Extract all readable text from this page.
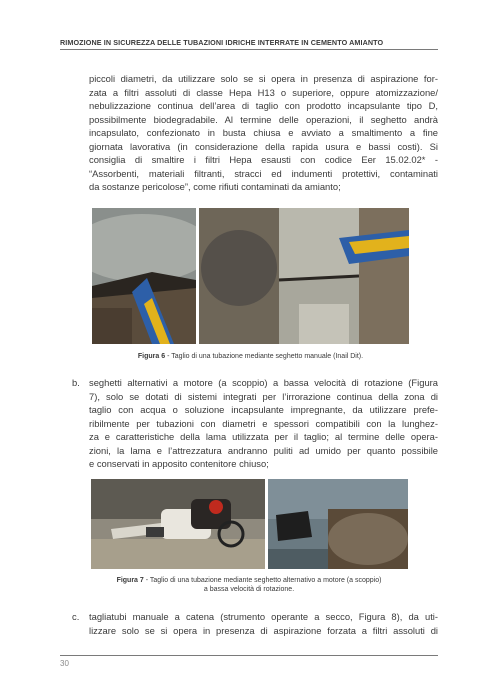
RIMOZIONE IN SICUREZZA DELLE TUBAZIONI IDRICHE INTERRATE IN CEMENTO AMIANTO
piccoli diametri, da utilizzare solo se si opera in presenza di aspirazione for-
zata a filtri assoluti di classe Hepa H13 o superiore, oppure atomizzazione/
nebulizzazione continua dell’area di taglio con prodotto incapsulante tipo D,
possibilmente biodegradabile. Al termine delle operazioni, il seghetto andrà
incapsulato, confezionato in busta chiusa e avviato a smaltimento a fine
giornata lavorativa (in considerazione della rapida usura e bassi costi). Si
consiglia di smaltire i filtri Hepa esausti con codice Eer 15.02.02* -
“Assorbenti, materiali filtranti, stracci ed indumenti protettivi, contaminati
da sostanze pericolose”, come rifiuti contaminati da amianto;
Figura 6 - Taglio di una tubazione mediante seghetto manuale (Inail Dit).
b. seghetti alternativi a motore (a scoppio) a bassa velocità di rotazione (Figura
7), solo se dotati di sistemi integrati per l’irrorazione continua della zona di
taglio con acqua o soluzione incapsulante impregnante, da utilizzare prefe-
ribilmente per tubazioni con diametri e spessori compatibili con la lunghez-
za e caratteristiche della lama utilizzata per il taglio; al termine delle opera-
zioni, la lama e l’attrezzatura andranno puliti ad umido per quanto possibile
e conservati in apposito contenitore chiuso;
Figura 7 - Taglio di una tubazione mediante seghetto alternativo a motore (a scoppio)
a bassa velocità di rotazione.
c. tagliatubi manuale a catena (strumento operante a secco, Figura 8), da uti-
lizzare solo se si opera in presenza di aspirazione forzata a filtri assoluti di
30
